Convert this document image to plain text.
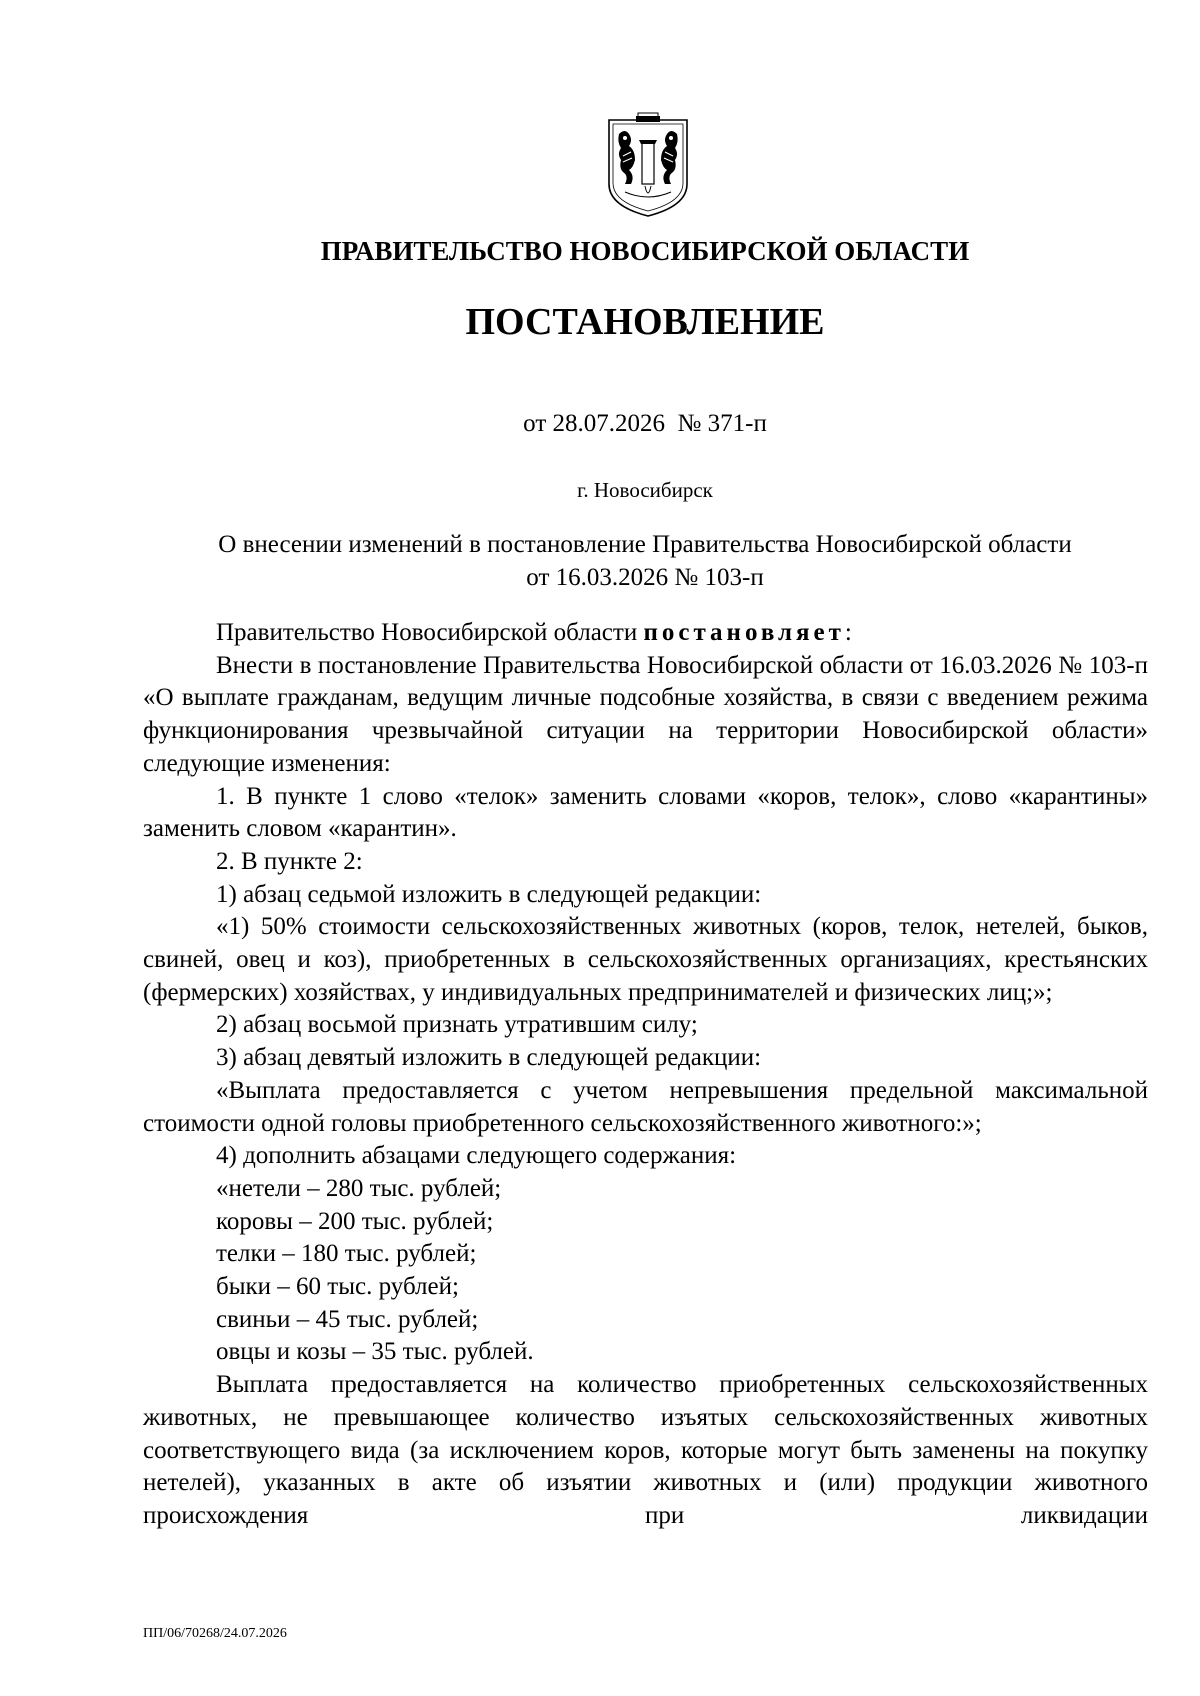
ПРАВИТЕЛЬСТВО НОВОСИБИРСКОЙ ОБЛАСТИ
ПОСТАНОВЛЕНИЕ
от 28.07.2026  № 371-п
г. Новосибирск
О внесении изменений в постановление Правительства Новосибирской области
от 16.03.2026 № 103-п

Правительство Новосибирской области постановляет:

Внести в постановление Правительства Новосибирской области от 16.03.2026 № 103-п «О выплате гражданам, ведущим личные подсобные хозяйства, в связи с введением режима функционирования чрезвычайной ситуации на территории Новосибирской области» следующие изменения:

1. В пункте 1 слово «телок» заменить словами «коров, телок», слово «карантины» заменить словом «карантин».

2. В пункте 2:

1) абзац седьмой изложить в следующей редакции:

«1) 50% стоимости сельскохозяйственных животных (коров, телок, нетелей, быков, свиней, овец и коз), приобретенных в сельскохозяйственных организациях, крестьянских (фермерских) хозяйствах, у индивидуальных предпринимателей и физических лиц;»;

2) абзац восьмой признать утратившим силу;

3) абзац девятый изложить в следующей редакции:

«Выплата предоставляется с учетом непревышения предельной максимальной стоимости одной головы приобретенного сельскохозяйственного животного:»;

4) дополнить абзацами следующего содержания:

«нетели – 280 тыс. рублей;

коровы – 200 тыс. рублей;

телки – 180 тыс. рублей;

быки – 60 тыс. рублей;

свиньи – 45 тыс. рублей;

овцы и козы – 35 тыс. рублей.

Выплата предоставляется на количество приобретенных сельскохозяйственных животных, не превышающее количество изъятых сельскохозяйственных животных соответствующего вида (за исключением коров, которые могут быть заменены на покупку нетелей), указанных в акте об изъятии животных и (или) продукции животного происхождения при ликвидации

ПП/06/70268/24.07.2026
